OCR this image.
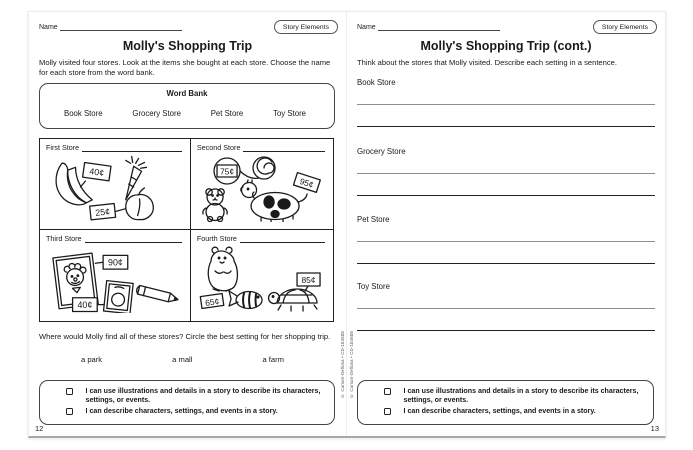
Name	Story Elements
Molly's Shopping Trip
Molly visited four stores. Look at the items she bought at each store. Choose the name for each store from the word bank.
Word Bank
Book Store	Grocery Store	Pet Store	Toy Store
First Store
40¢
25¢
Second Store
75¢
95¢
Third Store
90¢
40¢
Fourth Store
65¢
85¢
Where would Molly find all of these stores? Circle the best setting for her shopping trip.
a park	a mall	a farm
I can use illustrations and details in a story to describe its characters, settings, or events.
I can describe characters, settings, and events in a story.
12
© Carson-Dellosa • CD-104608
Name	Story Elements
Molly's Shopping Trip (cont.)
Think about the stores that Molly visited. Describe each setting in a sentence.
Book Store
Grocery Store
Pet Store
Toy Store
I can use illustrations and details in a story to describe its characters, settings, or events.
I can describe characters, settings, and events in a story.
13
© Carson-Dellosa • CD-104608
